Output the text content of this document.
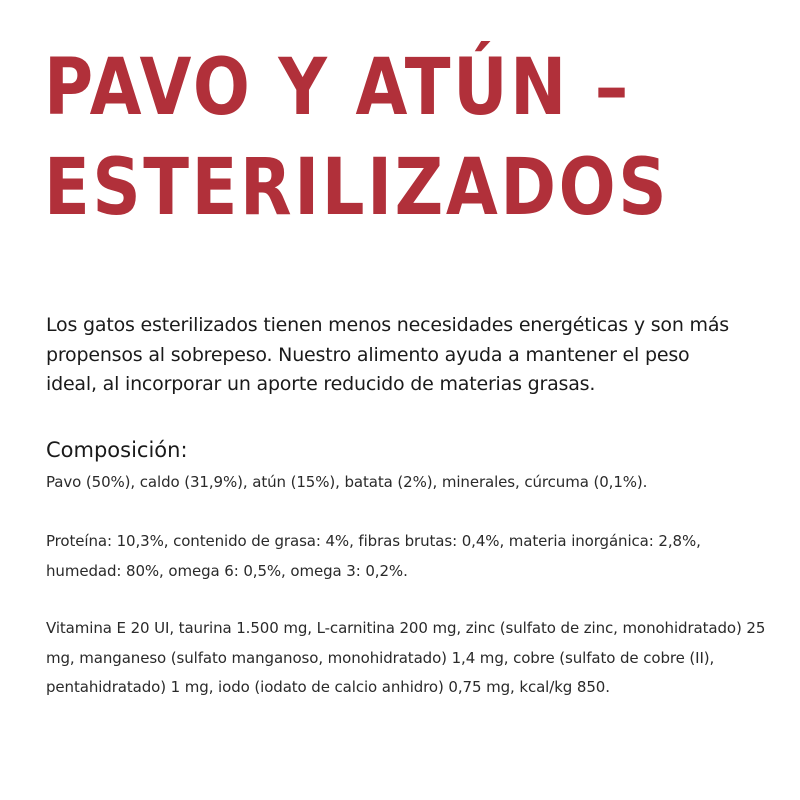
PAVO Y ATÚN –
ESTERILIZADOS

Los gatos esterilizados tienen menos necesidades energéticas y son más propensos al sobrepeso. Nuestro alimento ayuda a mantener el peso ideal, al incorporar un aporte reducido de materias grasas.

Composición:

Pavo (50%), caldo (31,9%), atún (15%), batata (2%), minerales, cúrcuma (0,1%).

Proteína: 10,3%, contenido de grasa: 4%, fibras brutas: 0,4%, materia inorgánica: 2,8%, humedad: 80%, omega 6: 0,5%, omega 3: 0,2%.

Vitamina E 20 UI, taurina 1.500 mg, L-carnitina 200 mg, zinc (sulfato de zinc, monohidratado) 25 mg, manganeso (sulfato manganoso, monohidratado) 1,4 mg, cobre (sulfato de cobre (II), pentahidratado) 1 mg, iodo (iodato de calcio anhidro) 0,75 mg, kcal/kg 850.
